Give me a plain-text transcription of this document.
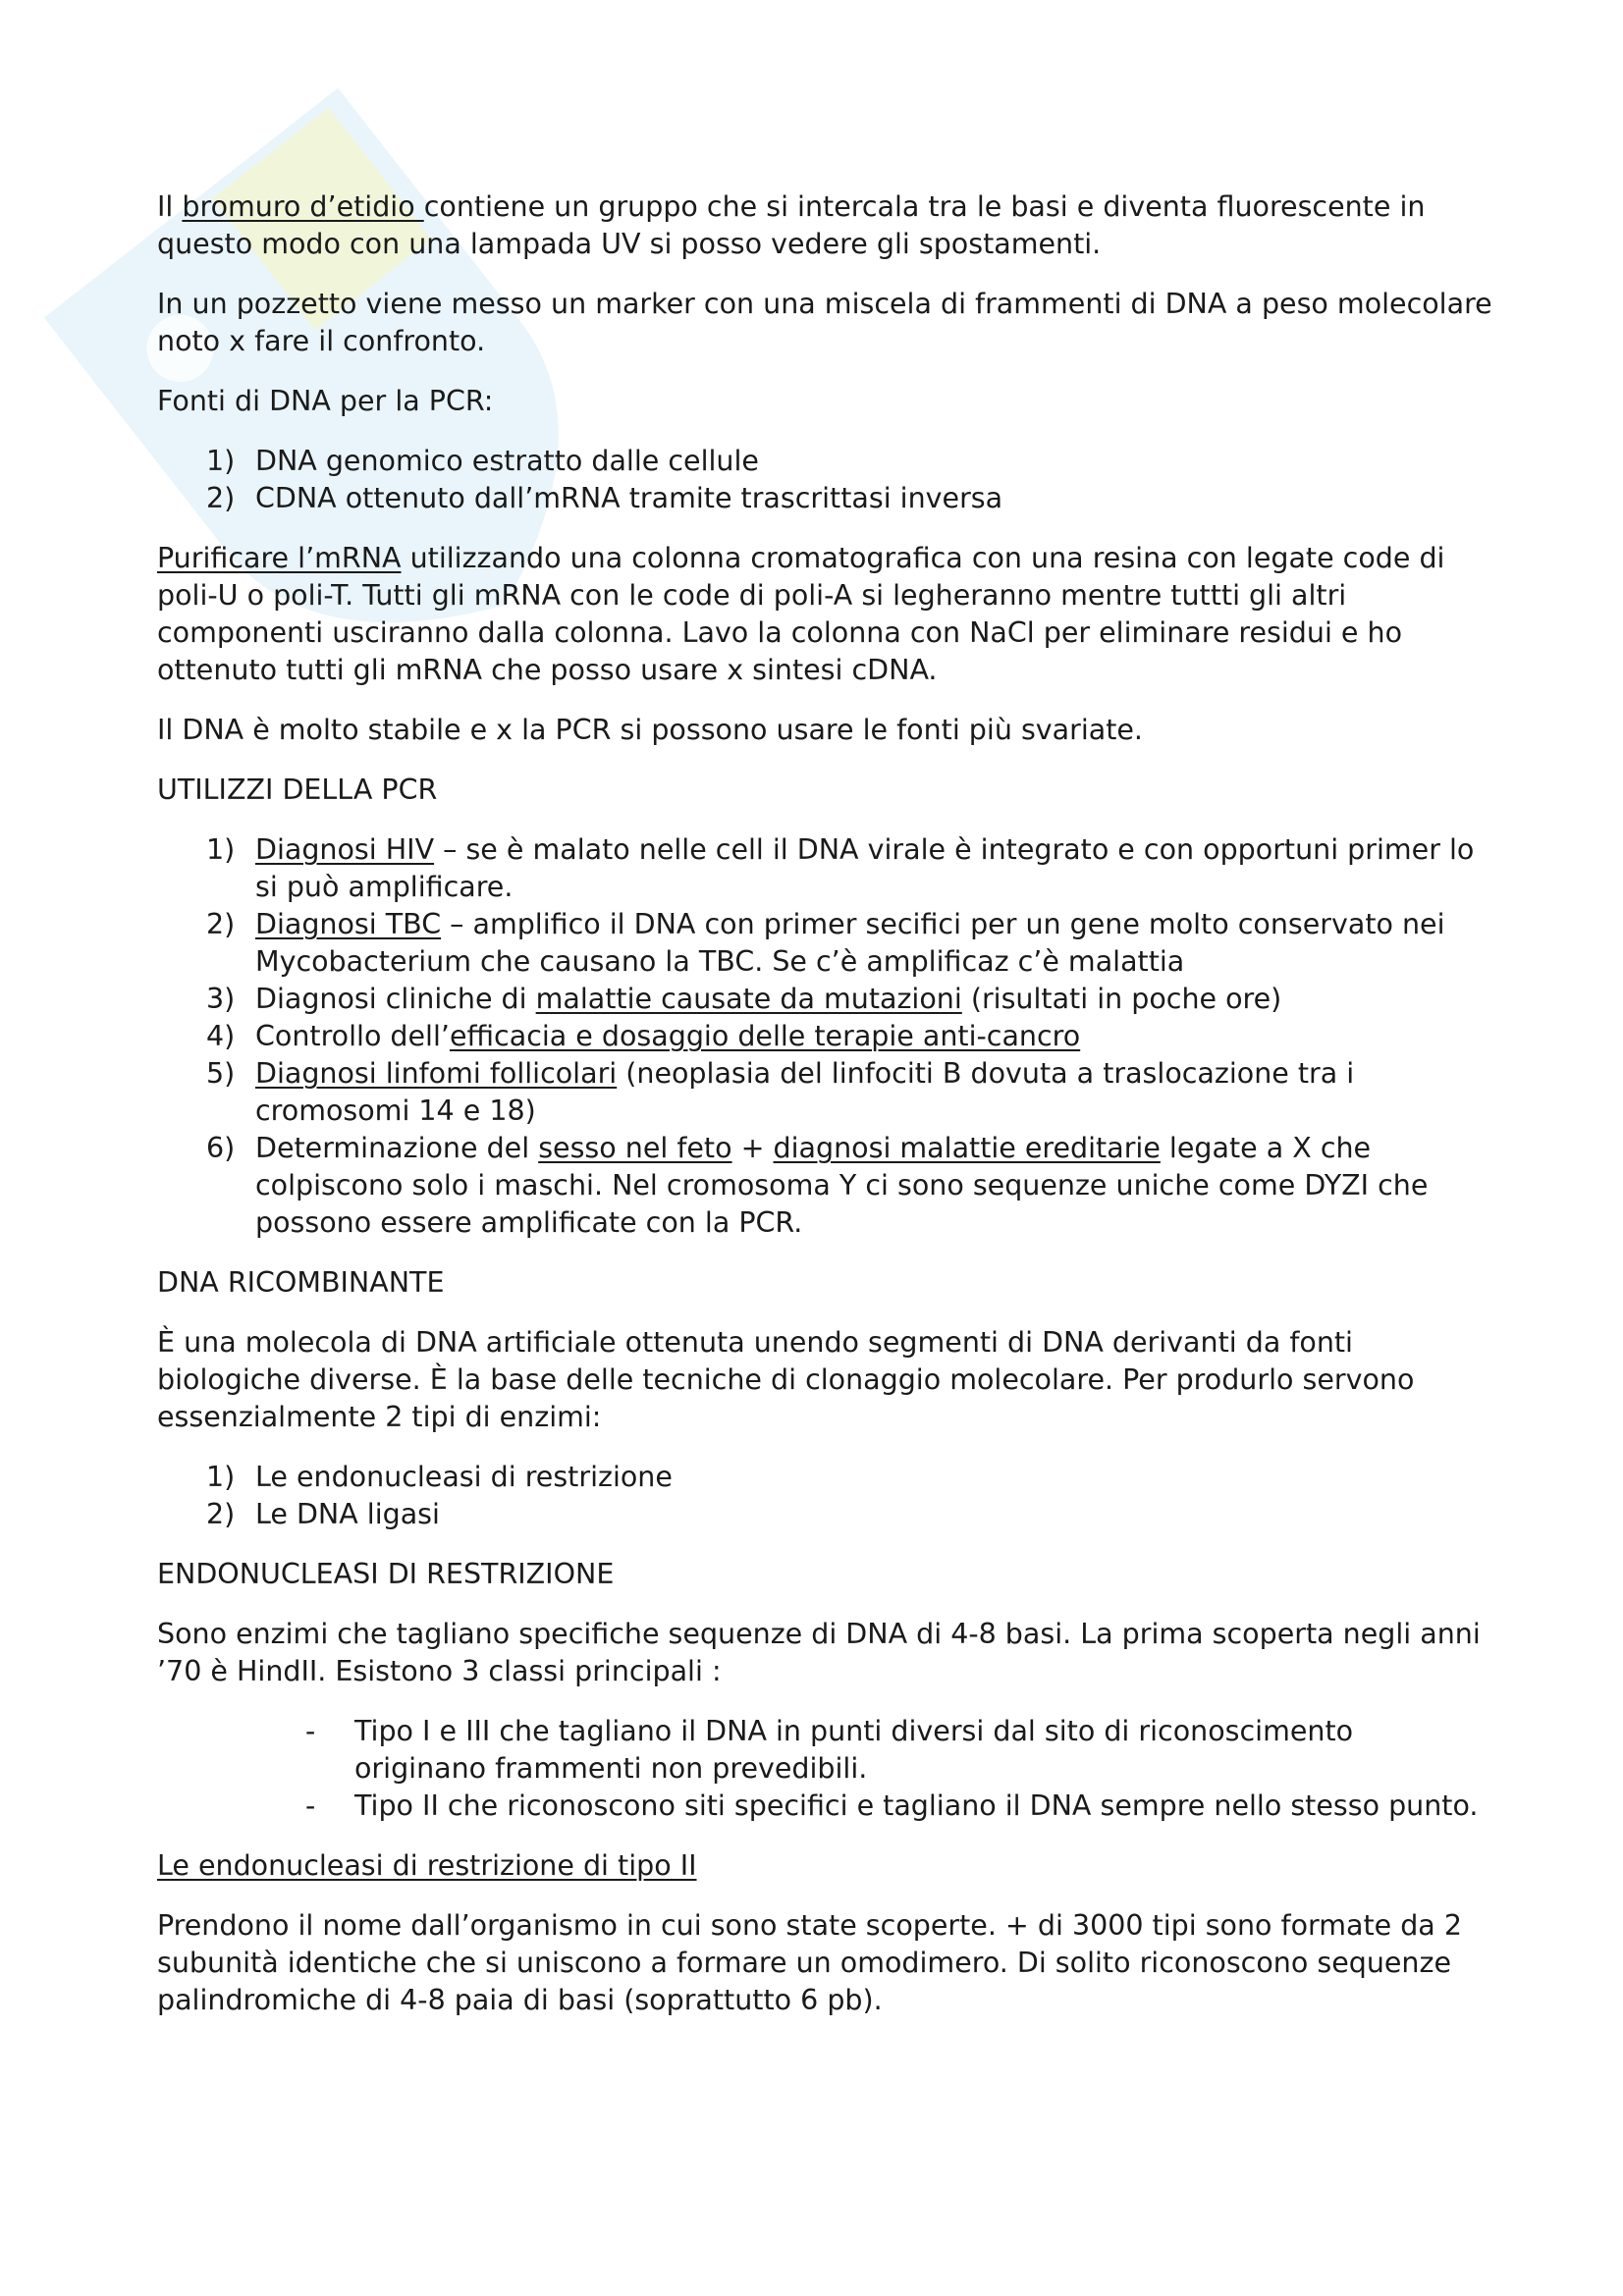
Il bromuro d’etidio contiene un gruppo che si intercala tra le basi e diventa fluorescente in questo modo con una lampada UV si posso vedere gli spostamenti.

In un pozzetto viene messo un marker con una miscela di frammenti di DNA a peso molecolare noto x fare il confronto.

Fonti di DNA per la PCR:

1) DNA genomico estratto dalle cellule
2) CDNA ottenuto dall’mRNA tramite trascrittasi inversa

Purificare l’mRNA utilizzando una colonna cromatografica con una resina con legate code di poli-U o poli-T. Tutti gli mRNA con le code di poli-A si legheranno mentre tuttti gli altri componenti usciranno dalla colonna. Lavo la colonna con NaCl per eliminare residui e ho ottenuto tutti gli mRNA che posso usare x sintesi cDNA.

Il DNA è molto stabile e x la PCR si possono usare le fonti più svariate.

UTILIZZI DELLA PCR

1) Diagnosi HIV – se è malato nelle cell il DNA virale è integrato e con opportuni primer lo si può amplificare.
2) Diagnosi TBC – amplifico il DNA con primer secifici per un gene molto conservato nei Mycobacterium che causano la TBC. Se c’è amplificaz c’è malattia
3) Diagnosi cliniche di malattie causate da mutazioni (risultati in poche ore)
4) Controllo dell’efficacia e dosaggio delle terapie anti-cancro
5) Diagnosi linfomi follicolari (neoplasia del linfociti B dovuta a traslocazione tra i cromosomi 14 e 18)
6) Determinazione del sesso nel feto + diagnosi malattie ereditarie legate a X che colpiscono solo i maschi. Nel cromosoma Y ci sono sequenze uniche come DYZI che possono essere amplificate con la PCR.

DNA RICOMBINANTE

È una molecola di DNA artificiale ottenuta unendo segmenti di DNA derivanti da fonti biologiche diverse. È la base delle tecniche di clonaggio molecolare. Per produrlo servono essenzialmente 2 tipi di enzimi:

1) Le endonucleasi di restrizione
2) Le DNA ligasi

ENDONUCLEASI DI RESTRIZIONE

Sono enzimi che tagliano specifiche sequenze di DNA di 4-8 basi. La prima scoperta negli anni ’70 è HindII. Esistono 3 classi principali :

- Tipo I e III che tagliano il DNA in punti diversi dal sito di riconoscimento originano frammenti non prevedibili.
- Tipo II che riconoscono siti specifici e tagliano il DNA sempre nello stesso punto.

Le endonucleasi di restrizione di tipo II

Prendono il nome dall’organismo in cui sono state scoperte. + di 3000 tipi sono formate da 2 subunità identiche che si uniscono a formare un omodimero. Di solito riconoscono sequenze palindromiche di 4-8 paia di basi (soprattutto 6 pb).
